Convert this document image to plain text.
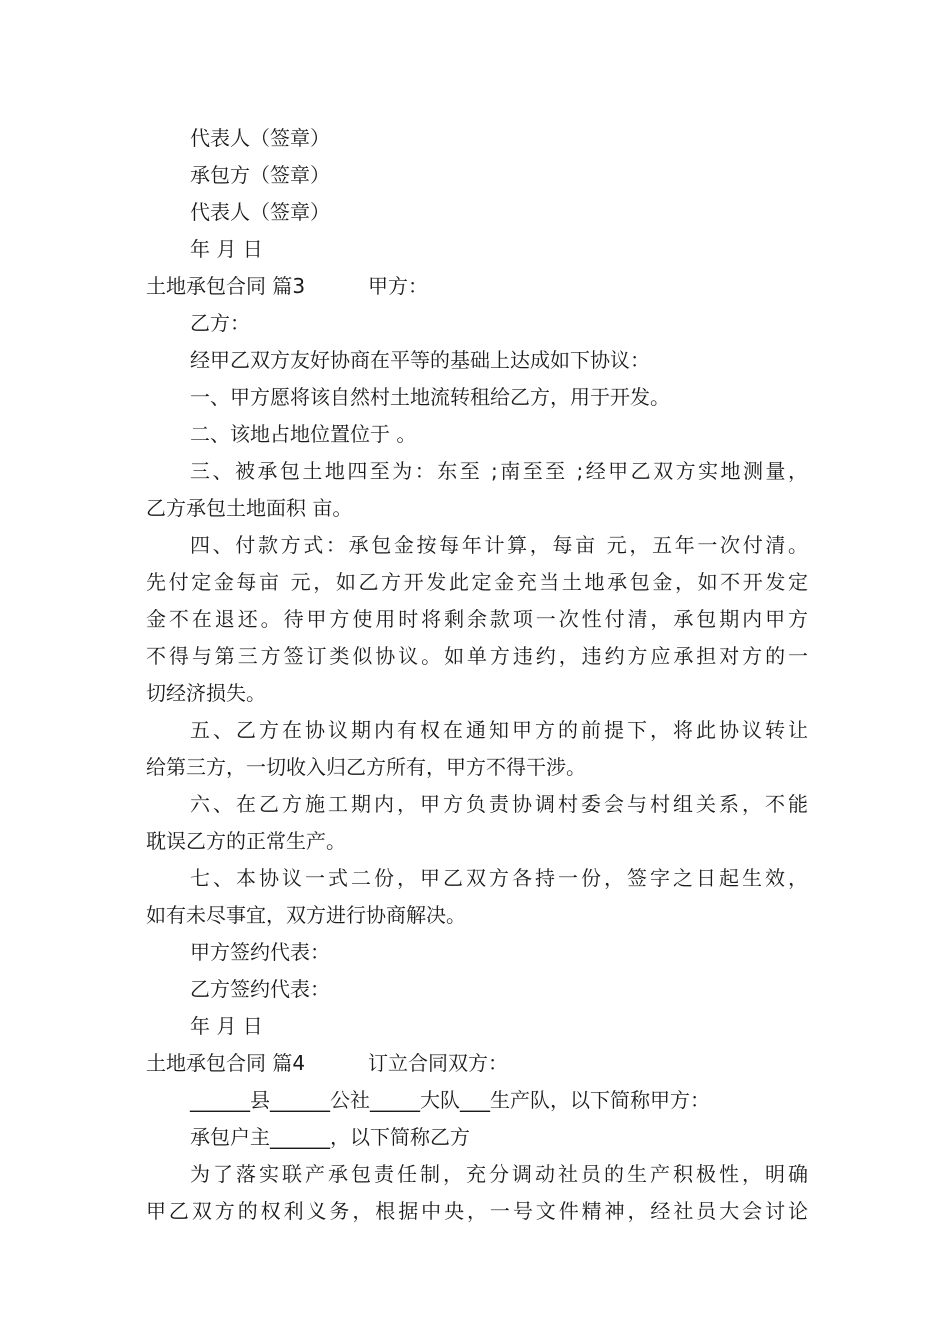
代表人（签章）
承包方（签章）
代表人（签章）
年 月 日
土地承包合同 篇3	甲方：
乙方：
经甲乙双方友好协商在平等的基础上达成如下协议：
一、甲方愿将该自然村土地流转租给乙方，用于开发。
二、该地占地位置位于 。
三、被承包土地四至为：东至 ;南至至 ;经甲乙双方实地测量，
乙方承包土地面积 亩。
四、付款方式：承包金按每年计算，每亩 元，五年一次付清。
先付定金每亩 元，如乙方开发此定金充当土地承包金，如不开发定
金不在退还。待甲方使用时将剩余款项一次性付清，承包期内甲方
不得与第三方签订类似协议。如单方违约，违约方应承担对方的一
切经济损失。
五、乙方在协议期内有权在通知甲方的前提下，将此协议转让
给第三方，一切收入归乙方所有，甲方不得干涉。
六、在乙方施工期内，甲方负责协调村委会与村组关系，不能
耽误乙方的正常生产。
七、本协议一式二份，甲乙双方各持一份，签字之日起生效，
如有未尽事宜，双方进行协商解决。
甲方签约代表：
乙方签约代表：
年 月 日
土地承包合同 篇4	订立合同双方：
______县______公社_____大队___生产队，以下简称甲方：
承包户主______，以下简称乙方
为了落实联产承包责任制，充分调动社员的生产积极性，明确
甲乙双方的权利义务，根据中央，一号文件精神，经社员大会讨论
